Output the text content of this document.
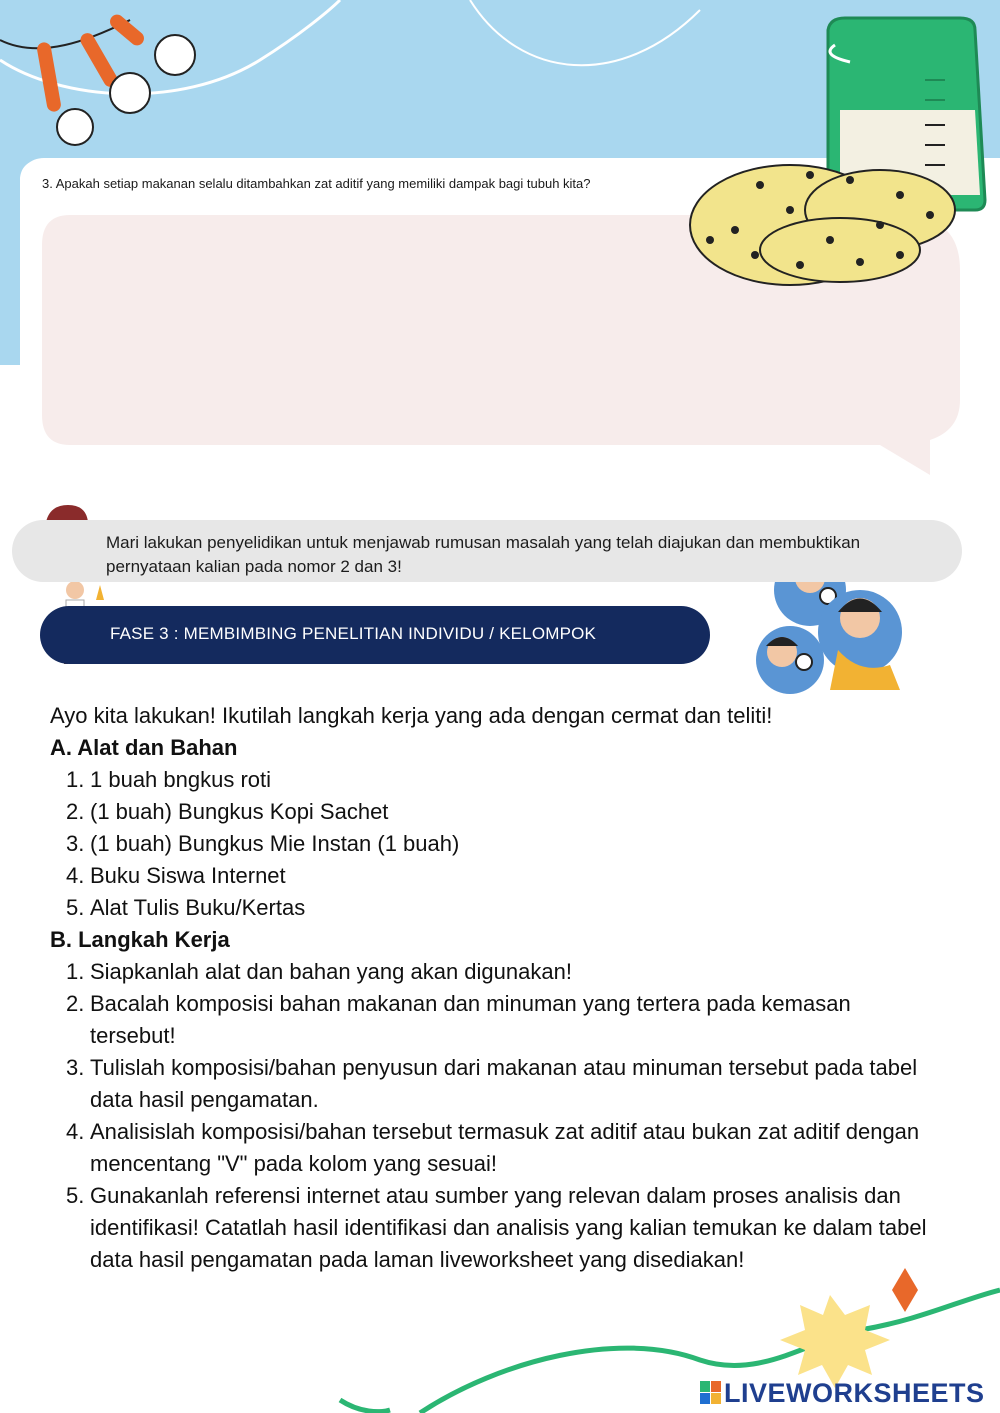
3. Apakah setiap makanan selalu ditambahkan zat aditif yang memiliki dampak bagi tubuh kita?
Mari lakukan penyelidikan untuk menjawab rumusan masalah yang telah diajukan dan membuktikan pernyataan kalian pada nomor 2 dan 3!
FASE 3 : MEMBIMBING PENELITIAN INDIVIDU / KELOMPOK

Ayo kita lakukan! Ikutilah langkah kerja yang ada dengan cermat dan teliti!

A. Alat dan Bahan

1. 1 buah bngkus roti
2. (1 buah) Bungkus Kopi Sachet
3. (1 buah) Bungkus Mie Instan (1 buah)
4. Buku Siswa Internet
5. Alat Tulis Buku/Kertas

B. Langkah Kerja

1. Siapkanlah alat dan bahan yang akan digunakan!
2. Bacalah komposisi bahan makanan dan minuman yang tertera pada kemasan tersebut!
3. Tulislah komposisi/bahan penyusun dari makanan atau minuman tersebut pada tabel data hasil pengamatan.
4. Analisislah komposisi/bahan tersebut termasuk zat aditif atau bukan zat aditif dengan mencentang "V" pada kolom yang sesuai!
5. Gunakanlah referensi internet atau sumber yang relevan dalam proses analisis dan identifikasi! Catatlah hasil identifikasi dan analisis yang kalian temukan ke dalam tabel data hasil pengamatan pada laman liveworksheet yang disediakan!
LIVEWORKSHEETS
